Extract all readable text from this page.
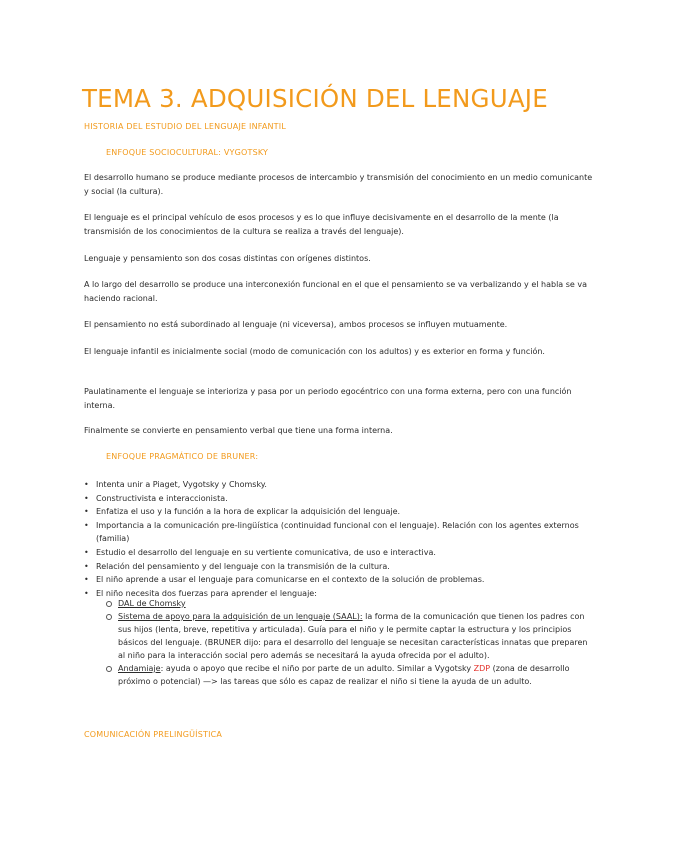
TEMA 3. ADQUISICIÓN DEL LENGUAJE
HISTORIA DEL ESTUDIO DEL LENGUAJE INFANTIL
ENFOQUE SOCIOCULTURAL: VYGOTSKY

El desarrollo humano se produce mediante procesos de intercambio y transmisión del conocimiento en un medio comunicante y social (la cultura).

El lenguaje es el principal vehículo de esos procesos y es lo que influye decisivamente en el desarrollo de la mente (la transmisión de los conocimientos de la cultura se realiza a través del lenguaje).

Lenguaje y pensamiento son dos cosas distintas con orígenes distintos.

A lo largo del desarrollo se produce una interconexión funcional en el que el pensamiento se va verbalizando y el habla se va haciendo racional.

El pensamiento no está subordinado al lenguaje (ni viceversa), ambos procesos se influyen mutuamente.

El lenguaje infantil es inicialmente social (modo de comunicación con los adultos) y es exterior en forma y función.

Paulatinamente el lenguaje se interioriza y pasa por un periodo egocéntrico con una forma externa, pero con una función interna.

Finalmente se convierte en pensamiento verbal que tiene una forma interna.

ENFOQUE PRAGMÁTICO DE BRUNER:
• Intenta unir a Piaget, Vygotsky y Chomsky.
• Constructivista e interaccionista.
• Enfatiza el uso y la función a la hora de explicar la adquisición del lenguaje.
• Importancia a la comunicación pre-lingüística (continuidad funcional con el lenguaje). Relación con los agentes externos (familia)
• Estudio el desarrollo del lenguaje en su vertiente comunicativa, de uso e interactiva.
• Relación del pensamiento y del lenguaje con la transmisión de la cultura.
• El niño aprende a usar el lenguaje para comunicarse en el contexto de la solución de problemas.
• El niño necesita dos fuerzas para aprender el lenguaje:
DAL de Chomsky
Sistema de apoyo para la adquisición de un lenguaje (SAAL): la forma de la comunicación que tienen los padres con sus hijos (lenta, breve, repetitiva y articulada). Guía para el niño y le permite captar la estructura y los principios básicos del lenguaje. (BRUNER dijo: para el desarrollo del lenguaje se necesitan características innatas que preparen al niño para la interacción social pero además se necesitará la ayuda ofrecida por el adulto).
Andamiaje: ayuda o apoyo que recibe el niño por parte de un adulto. Similar a Vygotsky ZDP (zona de desarrollo próximo o potencial) —> las tareas que sólo es capaz de realizar el niño si tiene la ayuda de un adulto.
COMUNICACIÓN PRELINGÜÍSTICA
